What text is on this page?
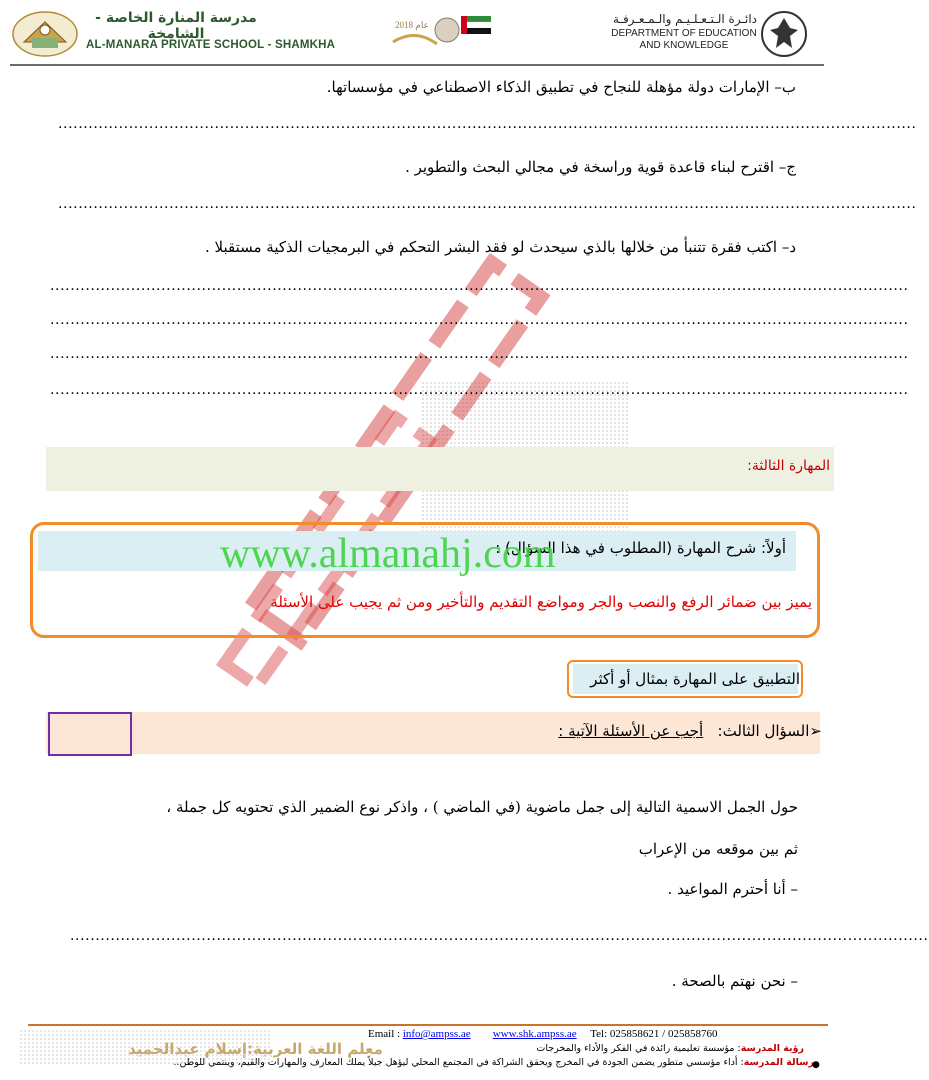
مدرسة المنارة الخاصة - الشامخة
AL-MANARA PRIVATE SCHOOL - SHAMKHA
2018 عام	دائـرة الـتـعـلـيـم والـمـعـرفـة
DEPARTMENT OF EDUCATION
AND KNOWLEDGE
ب– الإمارات دولة مؤهلة للنجاح في تطبيق الذكاء الاصطناعي في مؤسساتها.
..........................................................................................................................................................................
ج– اقترح لبناء قاعدة قوية وراسخة في مجالي البحث والتطوير .
..........................................................................................................................................................................
د– اكتب فقرة تتنبأ من خلالها بالذي سيحدث لو فقد البشر التحكم في البرمجيات الذكية مستقبلا .
..........................................................................................................................................................................
..........................................................................................................................................................................
..........................................................................................................................................................................
..........................................................................................................................................................................
المهارة الثالثة:
أولاً: شرح المهارة (المطلوب في هذا السؤال) :
يميز بين ضمائر الرفع والنصب والجر ومواضع التقديم والتأخير ومن ثم يجيب على الأسئلة
www.almanahj.com
التطبيق على المهارة بمثال أو أكثر
➢السؤال الثالث:   أجب عن الأسئلة الآتية :
حول الجمل الاسمية التالية إلى جمل ماضوية (في الماضي ) ، واذكر نوع الضمير الذي تحتويه كل جملة ،
ثم بين موقعه من الإعراب
– أنا أحترم المواعيد .
..........................................................................................................................................................................
– نحن نهتم بالصحة .
معلم اللغة العربية:إسلام عبدالحميد
Email : info@ampss.ae www.shk.ampss.ae Tel: 025858621 / 025858760
رؤية المدرسة: مؤسسة تعليمية رائدة في الفكر والأداء والمخرجات
رسالة المدرسة: أداء مؤسسي متطور يضمن الجودة في المخرج ويحقق الشراكة في المجتمع المحلي ليؤهل جيلاً يملك المعارف والمهارات والقيم، وينتمي للوطن..	●
